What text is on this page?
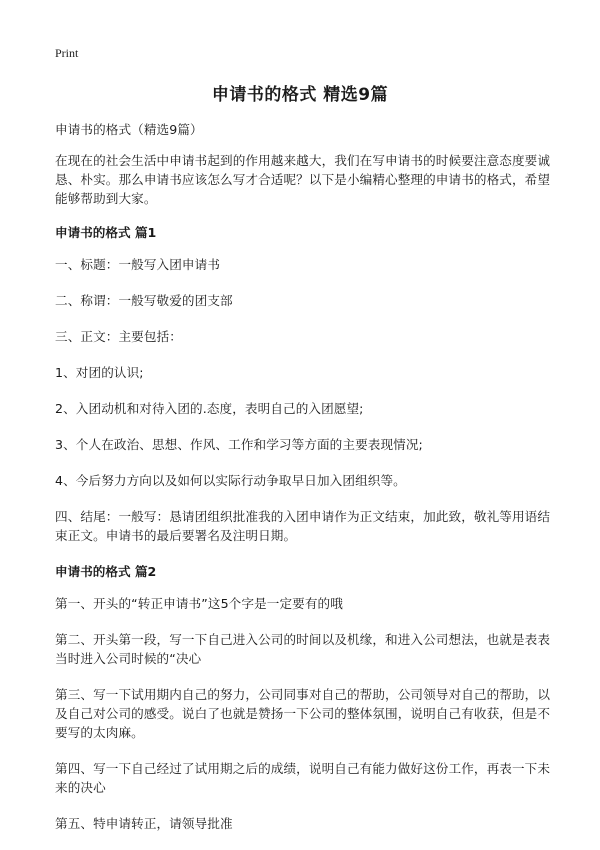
Print
申请书的格式 精选9篇

申请书的格式（精选9篇）

在现在的社会生活中申请书起到的作用越来越大，我们在写申请书的时候要注意态度要诚恳、朴实。那么申请书应该怎么写才合适呢？以下是小编精心整理的申请书的格式，希望能够帮助到大家。

申请书的格式 篇1

一、标题：一般写入团申请书

二、称谓：一般写敬爱的团支部

三、正文：主要包括：

1、对团的认识;

2、入团动机和对待入团的.态度，表明自己的入团愿望;

3、个人在政治、思想、作风、工作和学习等方面的主要表现情况;

4、今后努力方向以及如何以实际行动争取早日加入团组织等。

四、结尾：一般写：恳请团组织批准我的入团申请作为正文结束，加此致，敬礼等用语结束正文。申请书的最后要署名及注明日期。

申请书的格式 篇2

第一、开头的“转正申请书”这5个字是一定要有的哦

第二、开头第一段，写一下自己进入公司的时间以及机缘，和进入公司想法，也就是表表当时进入公司时候的“决心

第三、写一下试用期内自己的努力，公司同事对自己的帮助，公司领导对自己的帮助，以及自己对公司的感受。说白了也就是赞扬一下公司的整体氛围，说明自己有收获，但是不要写的太肉麻。

第四、写一下自己经过了试用期之后的成绩，说明自己有能力做好这份工作，再表一下未来的决心

第五、特申请转正，请领导批准
